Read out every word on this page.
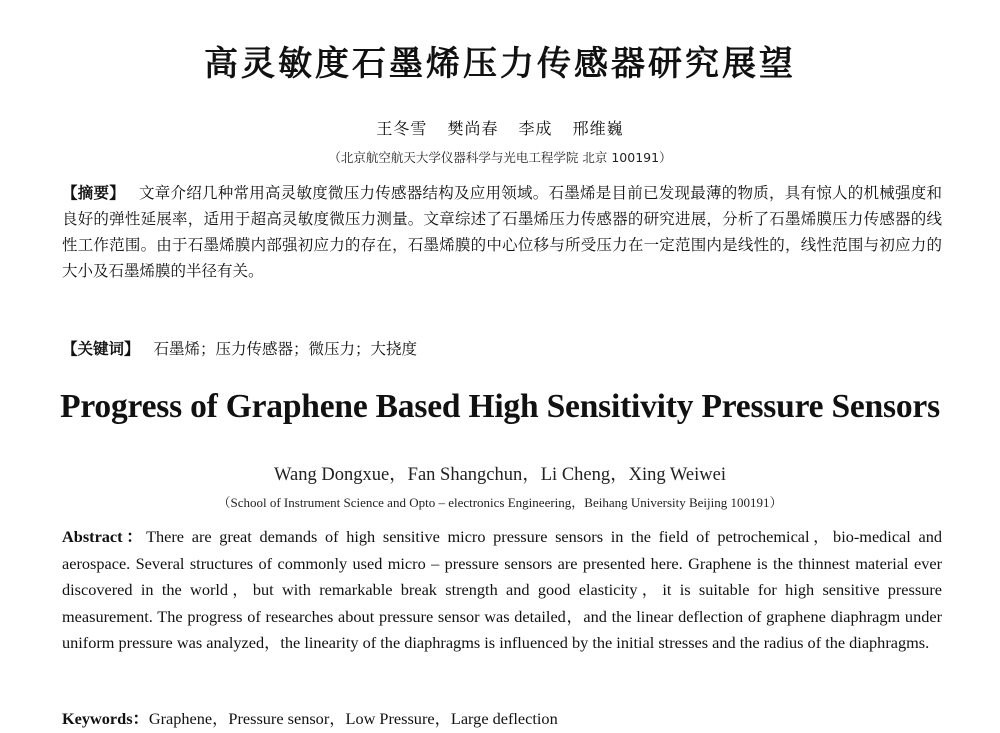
高灵敏度石墨烯压力传感器研究展望
王冬雪 樊尚春 李成 邢维巍
（北京航空航天大学仪器科学与光电工程学院 北京 100191）
【摘要】 文章介绍几种常用高灵敏度微压力传感器结构及应用领域。石墨烯是目前已发现最薄的物质，具有惊人的机械强度和良好的弹性延展率，适用于超高灵敏度微压力测量。文章综述了石墨烯压力传感器的研究进展，分析了石墨烯膜压力传感器的线性工作范围。由于石墨烯膜内部强初应力的存在，石墨烯膜的中心位移与所受压力在一定范围内是线性的，线性范围与初应力的大小及石墨烯膜的半径有关。
【关键词】 石墨烯；压力传感器；微压力；大挠度
Progress of Graphene Based High Sensitivity Pressure Sensors
Wang Dongxue，Fan Shangchun，Li Cheng，Xing Weiwei
（School of Instrument Science and Opto – electronics Engineering，Beihang University Beijing 100191）
Abstract：There are great demands of high sensitive micro pressure sensors in the field of petrochemical，bio-medical and aerospace. Several structures of commonly used micro – pressure sensors are presented here. Graphene is the thinnest material ever discovered in the world，but with remarkable break strength and good elasticity，it is suitable for high sensitive pressure measurement. The progress of researches about pressure sensor was detailed，and the linear deflection of graphene diaphragm under uniform pressure was analyzed，the linearity of the diaphragms is influenced by the initial stresses and the radius of the diaphragms.
Keywords：Graphene，Pressure sensor，Low Pressure，Large deflection
